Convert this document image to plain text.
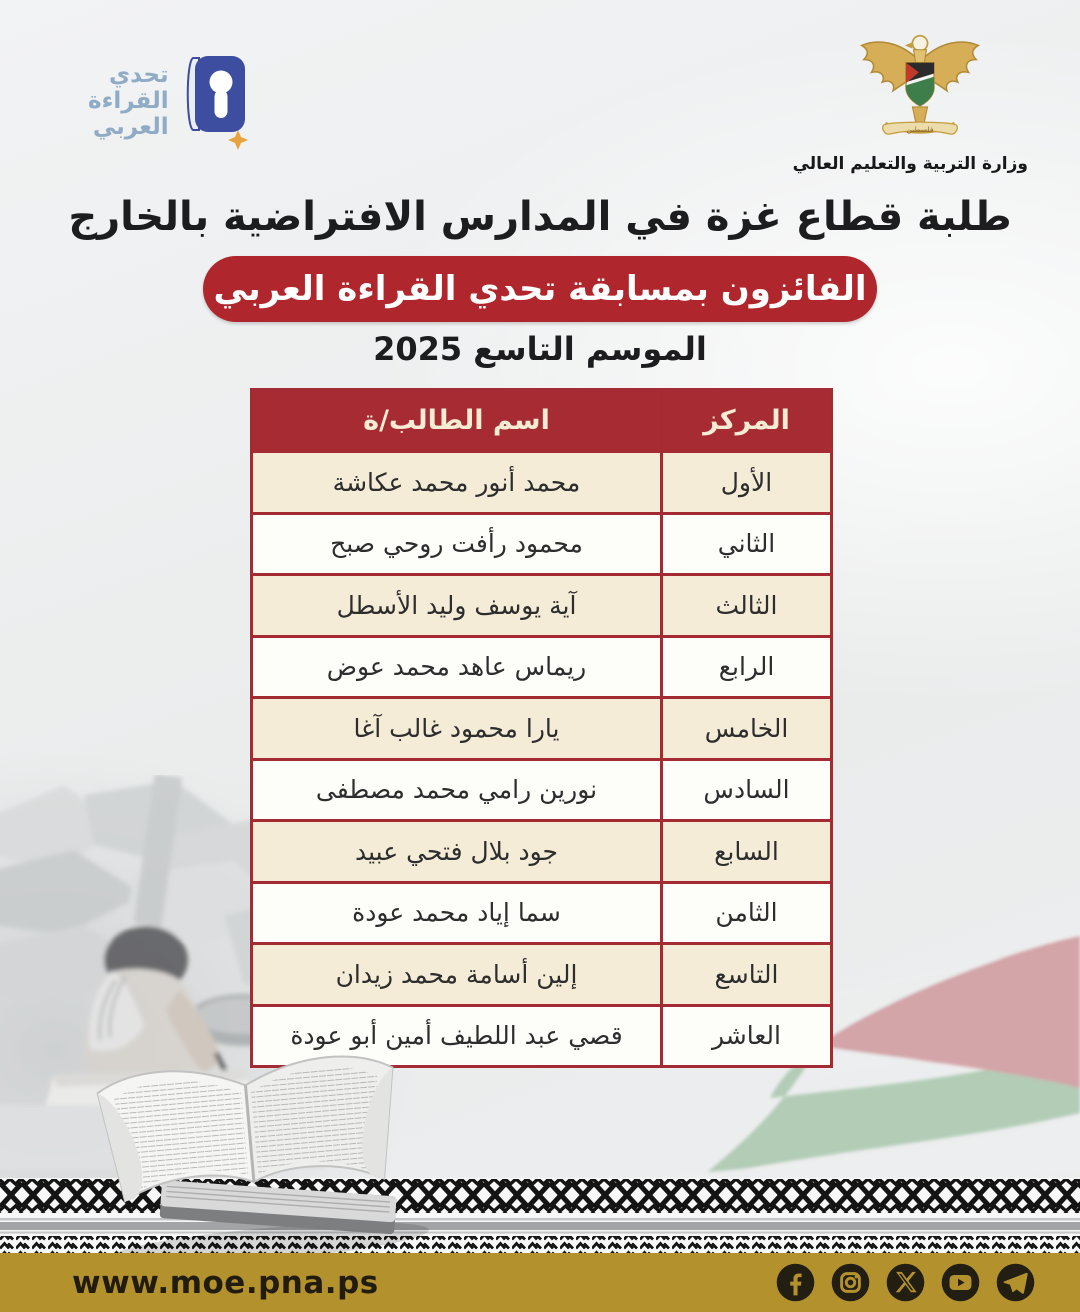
تحدي
القراءة
العربي	فلسطين
وزارة التربية والتعليم العالي
طلبة قطاع غزة في المدارس الافتراضية بالخارج
الفائزون بمسابقة تحدي القراءة العربي
الموسم التاسع 2025
المركز	اسم الطالب/ة
الأول	محمد أنور محمد عكاشة
الثاني	محمود رأفت روحي صبح
الثالث	آية يوسف وليد الأسطل
الرابع	ريماس عاهد محمد عوض
الخامس	يارا محمود غالب آغا
السادس	نورين رامي محمد مصطفى
السابع	جود بلال فتحي عبيد
الثامن	سما إياد محمد عودة
التاسع	إلين أسامة محمد زيدان
العاشر	قصي عبد اللطيف أمين أبو عودة
www.moe.pna.ps
